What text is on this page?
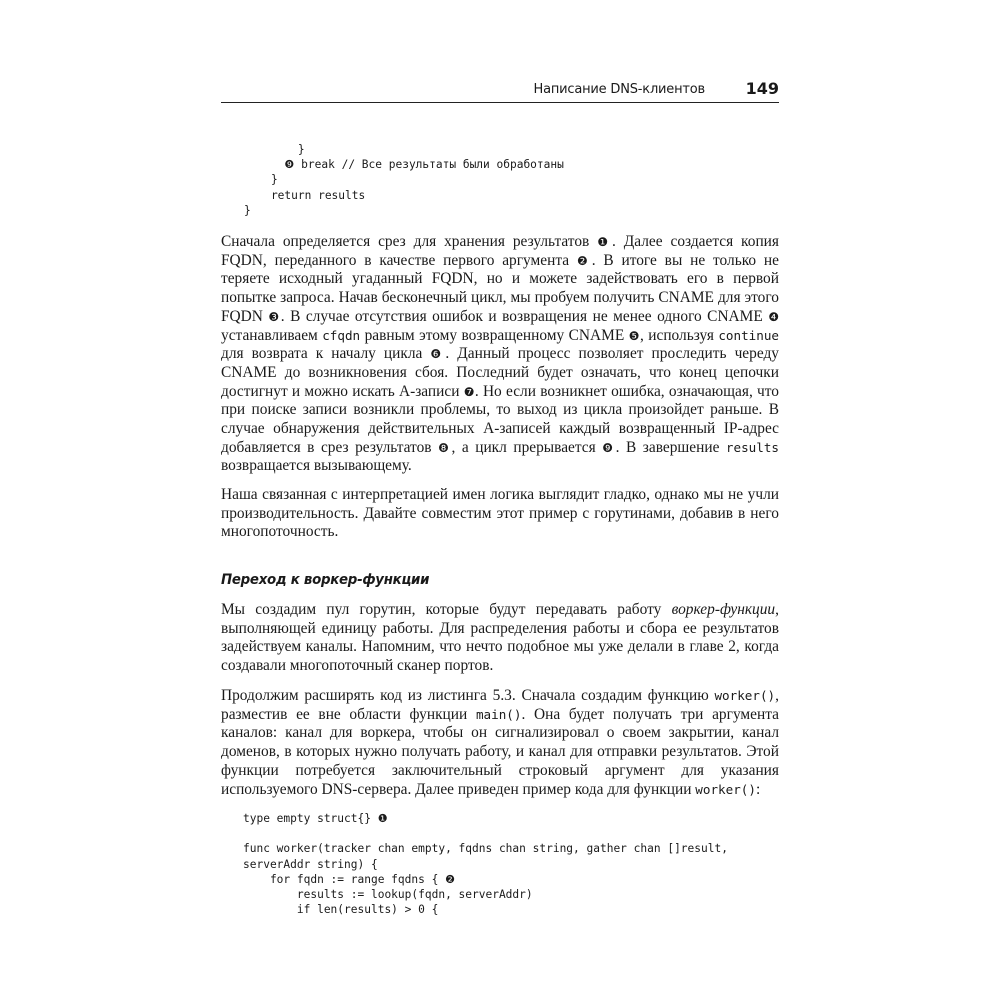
Написание DNS-клиентов	149
}
❾ break // Все результаты были обработаны
}
return results
}

Сначала определяется срез для хранения результатов ❶. Далее создается копия FQDN, переданного в качестве первого аргумента ❷. В итоге вы не только не теряете исходный угаданный FQDN, но и можете задействовать его в первой попытке запроса. Начав бесконечный цикл, мы пробуем получить CNAME для этого FQDN ❸. В случае отсутствия ошибок и возвращения не менее одного CNAME ❹ устанавливаем cfqdn равным этому возвращенному CNAME ❺, используя continue для возврата к началу цикла ❻. Данный процесс позволяет проследить череду CNAME до возникновения сбоя. Последний будет означать, что конец цепочки достигнут и можно искать А-записи ❼. Но если возникнет ошибка, означающая, что при поиске записи возникли проблемы, то выход из цикла произойдет раньше. В случае обнаружения действительных А-записей каждый возвращенный IP-адрес добавляется в срез результатов ❽, а цикл прерывается ❾. В завершение results возвращается вызывающему.

Наша связанная с интерпретацией имен логика выглядит гладко, однако мы не учли производительность. Давайте совместим этот пример с горутинами, добавив в него многопоточность.

Переход к воркер-функции

Мы создадим пул горутин, которые будут передавать работу воркер-функции, выполняющей единицу работы. Для распределения работы и сбора ее результатов задействуем каналы. Напомним, что нечто подобное мы уже делали в главе 2, когда создавали многопоточный сканер портов.

Продолжим расширять код из листинга 5.3. Сначала создадим функцию worker(), разместив ее вне области функции main(). Она будет получать три аргумента каналов: канал для воркера, чтобы он сигнализировал о своем закрытии, канал доменов, в которых нужно получать работу, и канал для отправки результатов. Этой функции потребуется заключительный строковый аргумент для указания используемого DNS-сервера. Далее приведен пример кода для функции worker():

type empty struct{} ❶

func worker(tracker chan empty, fqdns chan string, gather chan []result,
serverAddr string) {
for fqdn := range fqdns { ❷
results := lookup(fqdn, serverAddr)
if len(results) > 0 {
